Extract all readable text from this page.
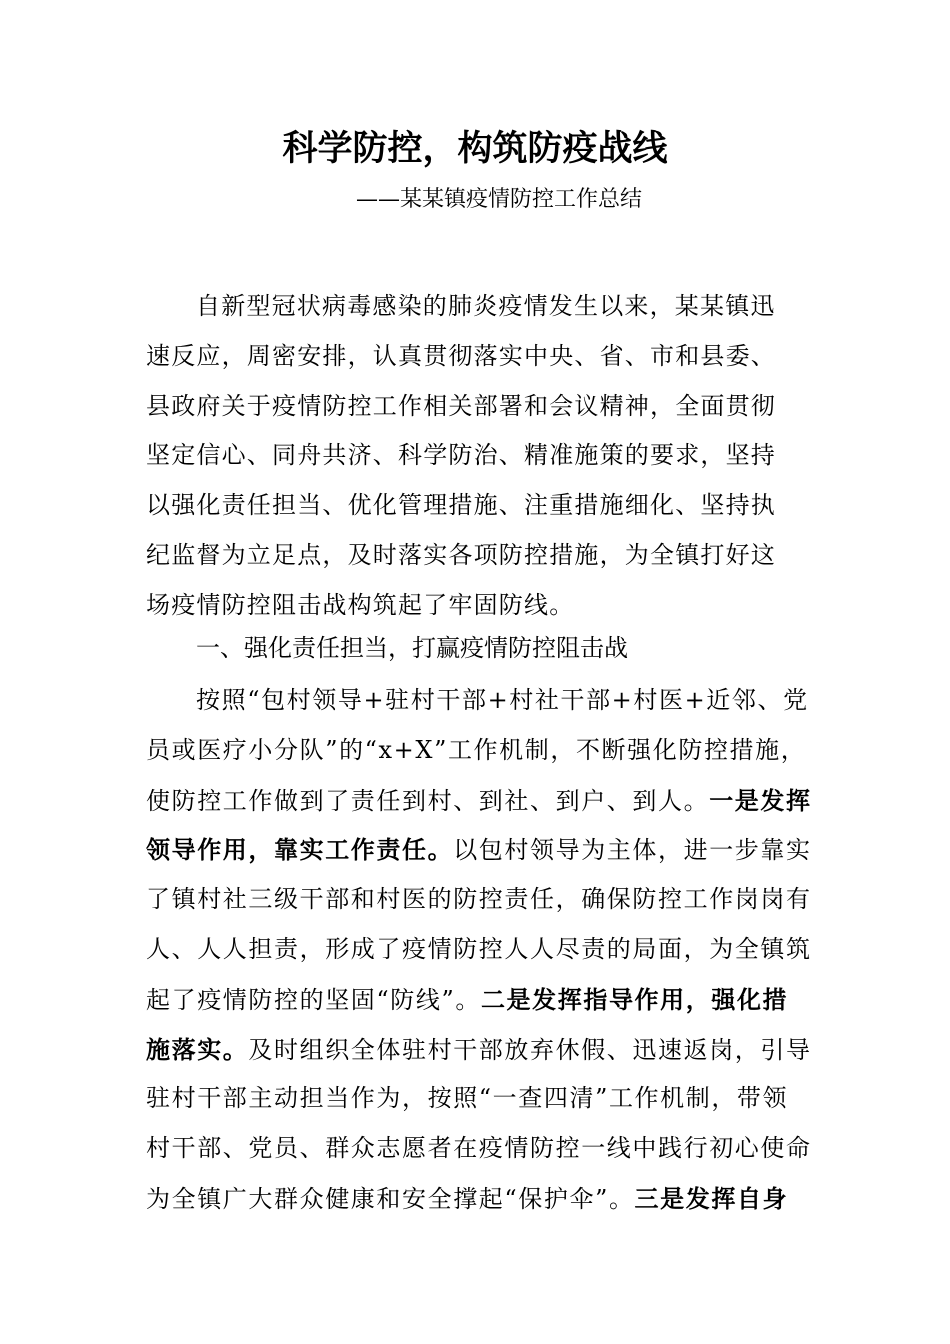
科学防控，构筑防疫战线
——某某镇疫情防控工作总结
自新型冠状病毒感染的肺炎疫情发生以来，某某镇迅
速反应，周密安排，认真贯彻落实中央、省、市和县委、
县政府关于疫情防控工作相关部署和会议精神，全面贯彻
坚定信心、同舟共济、科学防治、精准施策的要求，坚持
以强化责任担当、优化管理措施、注重措施细化、坚持执
纪监督为立足点，及时落实各项防控措施，为全镇打好这
场疫情防控阻击战构筑起了牢固防线。
一、强化责任担当，打赢疫情防控阻击战
按照“包村领导+驻村干部+村社干部+村医+近邻、党
员或医疗小分队”的“x+X”工作机制，不断强化防控措施，
使防控工作做到了责任到村、到社、到户、到人。一是发挥
领导作用，靠实工作责任。以包村领导为主体，进一步靠实
了镇村社三级干部和村医的防控责任，确保防控工作岗岗有
人、人人担责，形成了疫情防控人人尽责的局面，为全镇筑
起了疫情防控的坚固“防线”。二是发挥指导作用，强化措
施落实。及时组织全体驻村干部放弃休假、迅速返岗，引导
驻村干部主动担当作为，按照“一查四清”工作机制，带领
村干部、党员、群众志愿者在疫情防控一线中践行初心使命
为全镇广大群众健康和安全撑起“保护伞”。三是发挥自身
